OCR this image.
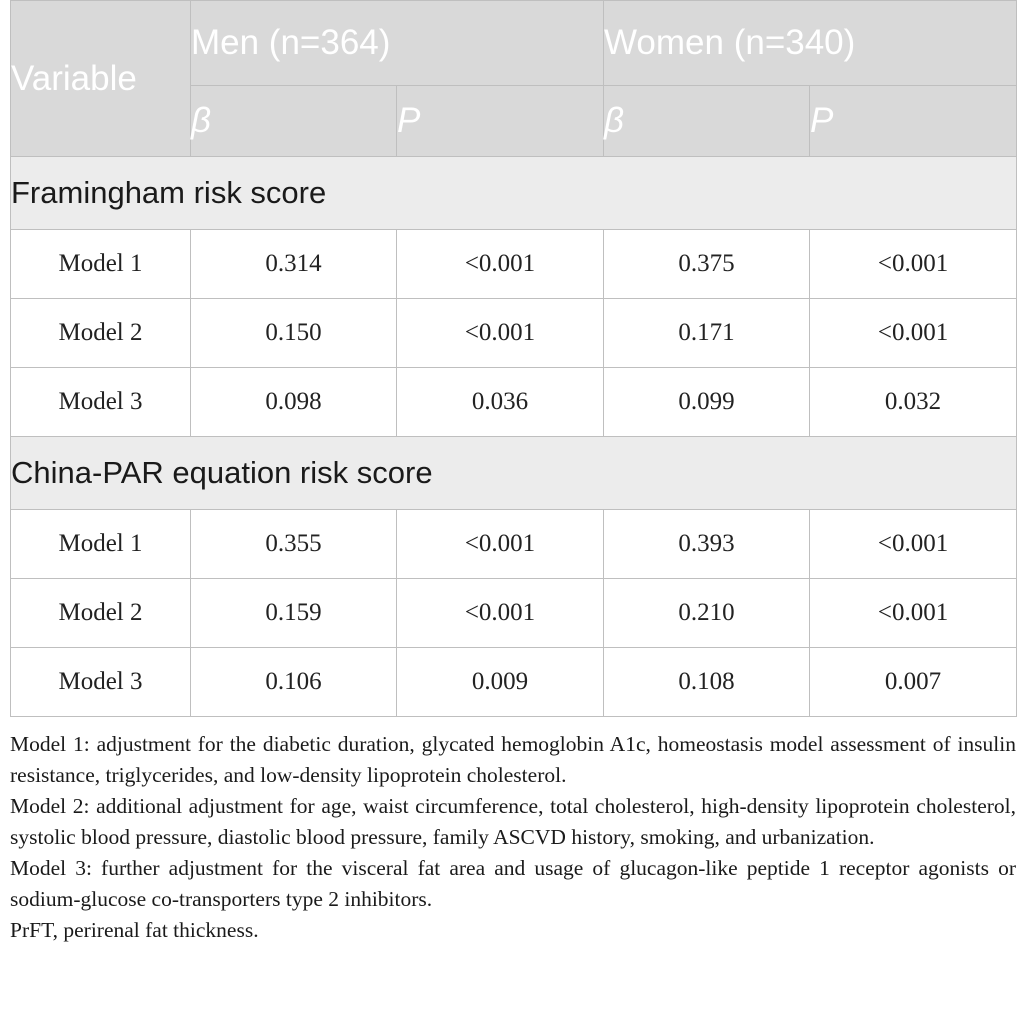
Variable	Men (n=364)		Women (n=340)	
	β	P	β	P
Framingham risk score				
Model 1	0.314	<0.001	0.375	<0.001
Model 2	0.150	<0.001	0.171	<0.001
Model 3	0.098	0.036	0.099	0.032
China-PAR equation risk score				
Model 1	0.355	<0.001	0.393	<0.001
Model 2	0.159	<0.001	0.210	<0.001
Model 3	0.106	0.009	0.108	0.007

Model 1: adjustment for the diabetic duration, glycated hemoglobin A1c, homeostasis model assessment of insulin resistance, triglycerides, and low-density lipoprotein cholesterol.

Model 2: additional adjustment for age, waist circumference, total cholesterol, high-density lipoprotein cholesterol, systolic blood pressure, diastolic blood pressure, family ASCVD history, smoking, and urbanization.

Model 3: further adjustment for the visceral fat area and usage of glucagon-like peptide 1 receptor agonists or sodium-glucose co-transporters type 2 inhibitors.

PrFT, perirenal fat thickness.
